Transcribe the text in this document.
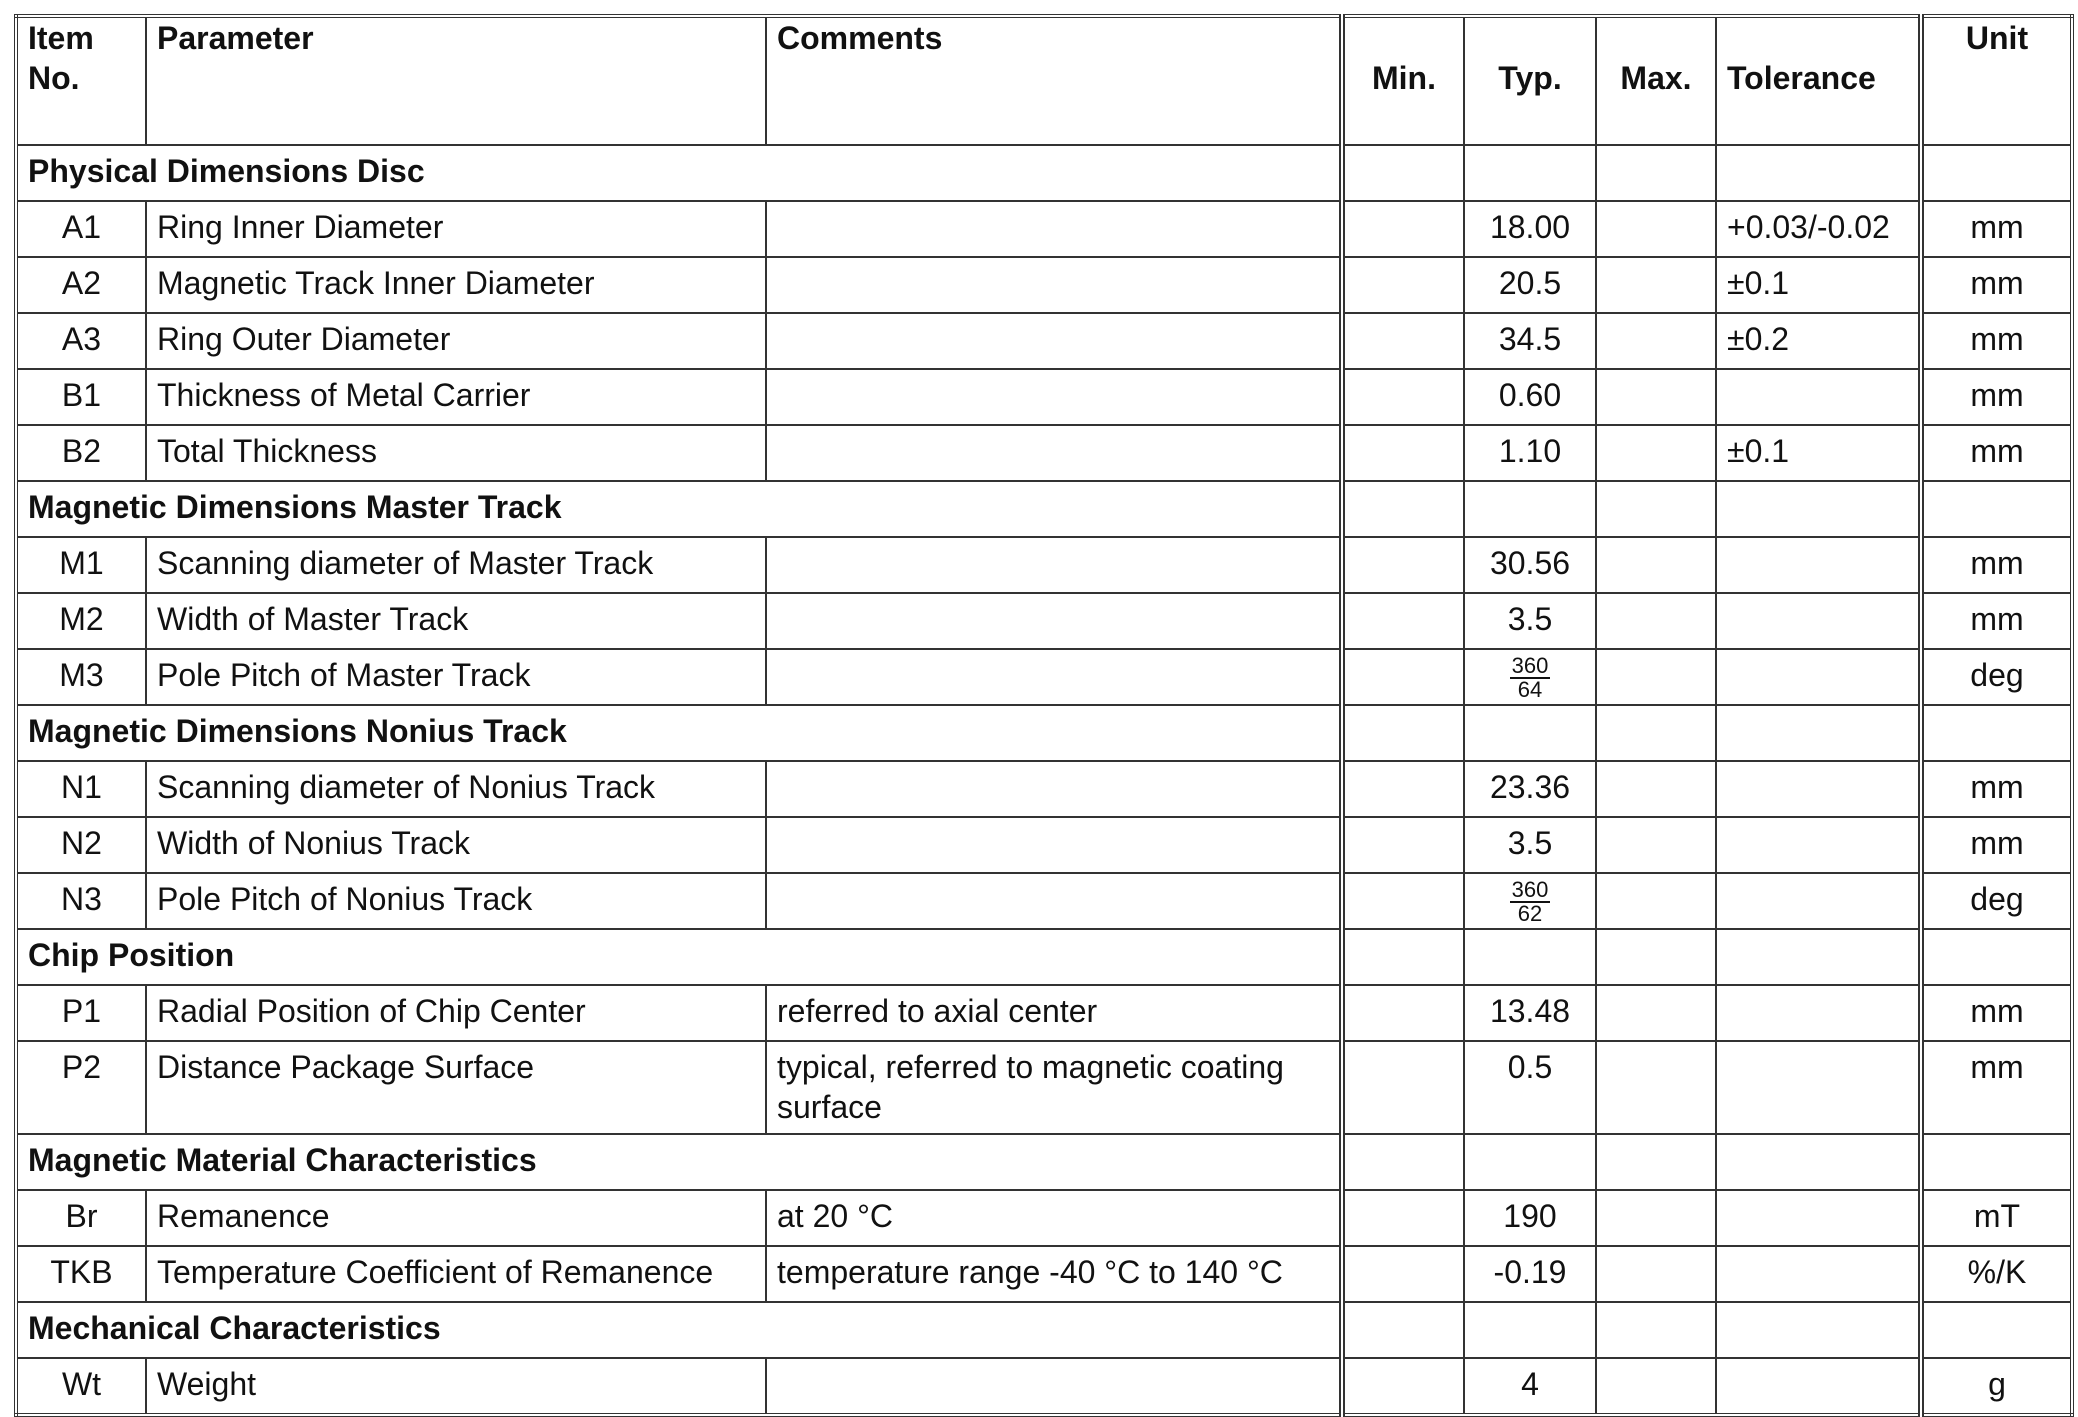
Item No.	Parameter	Comments	Min.	Typ.	Max.	Tolerance	Unit
Physical Dimensions Disc							
A1	Ring Inner Diameter			18.00		+0.03/-0.02	mm
A2	Magnetic Track Inner Diameter			20.5		±0.1	mm
A3	Ring Outer Diameter			34.5		±0.2	mm
B1	Thickness of Metal Carrier			0.60			mm
B2	Total Thickness			1.10		±0.1	mm
Magnetic Dimensions Master Track							
M1	Scanning diameter of Master Track			30.56			mm
M2	Width of Master Track			3.5			mm
M3	Pole Pitch of Master Track			$\frac{360}{64}$			deg
Magnetic Dimensions Nonius Track							
N1	Scanning diameter of Nonius Track			23.36			mm
N2	Width of Nonius Track			3.5			mm
N3	Pole Pitch of Nonius Track			$\frac{360}{62}$			deg
Chip Position							
P1	Radial Position of Chip Center	referred to axial center		13.48			mm
P2	Distance Package Surface	typical, referred to magnetic coating surface		0.5			mm
Magnetic Material Characteristics							
Br	Remanence	at 20 °C		190			mT
TKB	Temperature Coefficient of Remanence	temperature range -40 °C to 140 °C		-0.19			%/K
Mechanical Characteristics							
Wt	Weight			4			g
